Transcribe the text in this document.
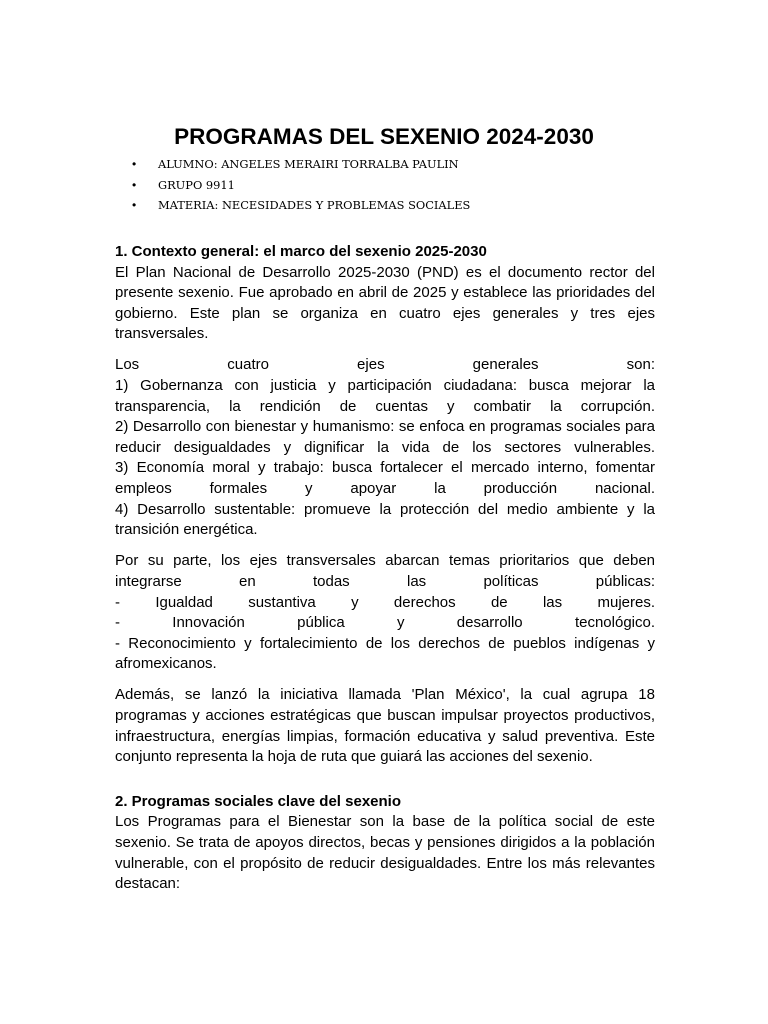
PROGRAMAS DEL SEXENIO 2024-2030
• ALUMNO: ANGELES MERAIRI TORRALBA PAULIN
• GRUPO 9911
• MATERIA: NECESIDADES Y PROBLEMAS SOCIALES
1. Contexto general: el marco del sexenio 2025-2030

El Plan Nacional de Desarrollo 2025-2030 (PND) es el documento rector del

presente sexenio. Fue aprobado en abril de 2025 y establece las prioridades del

gobierno. Este plan se organiza en cuatro ejes generales y tres ejes

transversales.

Los cuatro ejes generales son:

1) Gobernanza con justicia y participación ciudadana: busca mejorar la

transparencia, la rendición de cuentas y combatir la corrupción.

2) Desarrollo con bienestar y humanismo: se enfoca en programas sociales para

reducir desigualdades y dignificar la vida de los sectores vulnerables.

3) Economía moral y trabajo: busca fortalecer el mercado interno, fomentar

empleos formales y apoyar la producción nacional.

4) Desarrollo sustentable: promueve la protección del medio ambiente y la

transición energética.

Por su parte, los ejes transversales abarcan temas prioritarios que deben

integrarse en todas las políticas públicas:

- Igualdad sustantiva y derechos de las mujeres.

- Innovación pública y desarrollo tecnológico.

- Reconocimiento y fortalecimiento de los derechos de pueblos indígenas y

afromexicanos.

Además, se lanzó la iniciativa llamada 'Plan México', la cual agrupa 18

programas y acciones estratégicas que buscan impulsar proyectos productivos,

infraestructura, energías limpias, formación educativa y salud preventiva. Este

conjunto representa la hoja de ruta que guiará las acciones del sexenio.

2. Programas sociales clave del sexenio

Los Programas para el Bienestar son la base de la política social de este

sexenio. Se trata de apoyos directos, becas y pensiones dirigidos a la población

vulnerable, con el propósito de reducir desigualdades. Entre los más relevantes

destacan:
